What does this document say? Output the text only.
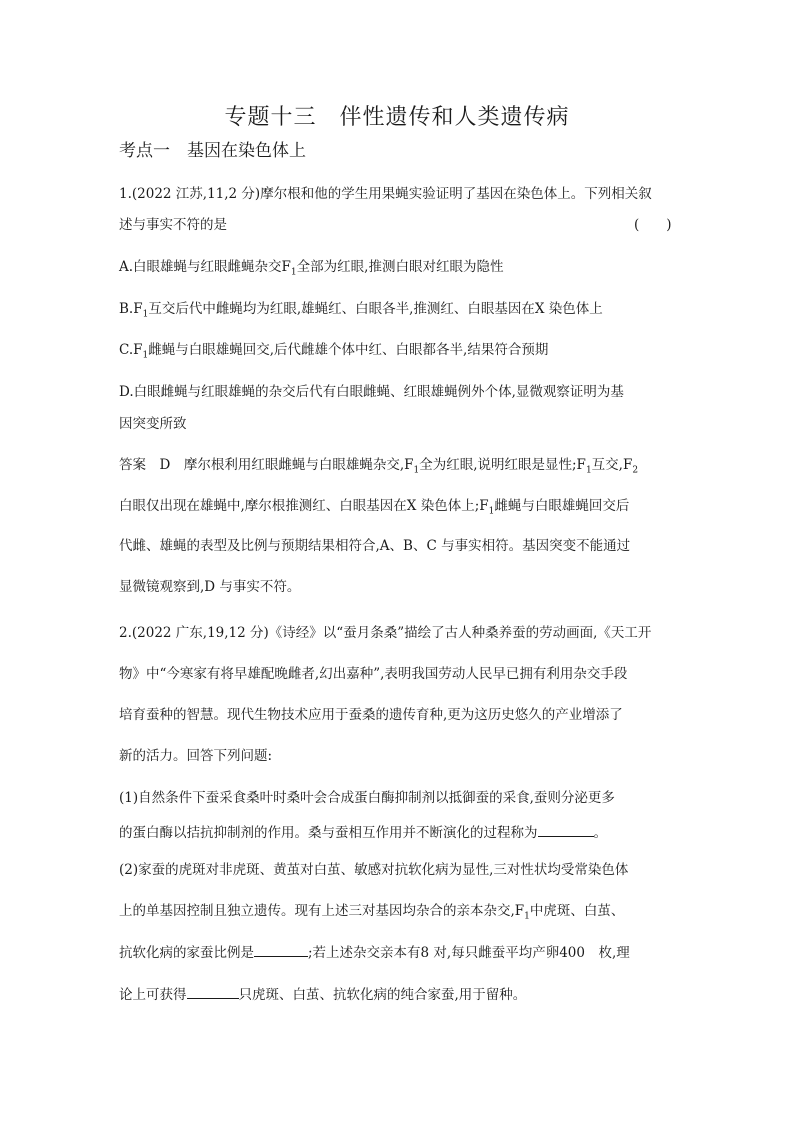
专题十三　伴性遗传和人类遗传病
考点一　基因在染色体上
1.(2022 江苏,11,2 分)摩尔根和他的学生用果蝇实验证明了基因在染色体上。下列相关叙
述与事实不符的是	(　　)
A.白眼雄蝇与红眼雌蝇杂交$F_1$全部为红眼,推测白眼对红眼为隐性
$B.F_1$互交后代中雌蝇均为红眼,雄蝇红、白眼各半,推测红、白眼基因在X 染色体上
$C.F_1$雌蝇与白眼雄蝇回交,后代雌雄个体中红、白眼都各半,结果符合预期
D.白眼雌蝇与红眼雄蝇的杂交后代有白眼雌蝇、红眼雄蝇例外个体,显微观察证明为基
因突变所致
答案　D　摩尔根利用红眼雌蝇与白眼雄蝇杂交$,F_1$全为红眼,说明红眼是显性$;F_1$互交$,F_2$
白眼仅出现在雄蝇中,摩尔根推测红、白眼基因在X 染色体上$;F_1$雌蝇与白眼雄蝇回交后
代雌、雄蝇的表型及比例与预期结果相符合,A、B、C 与事实相符。基因突变不能通过
显微镜观察到,D 与事实不符。
2.(2022 广东,19,12 分)《诗经》以“蚕月条桑”描绘了古人种桑养蚕的劳动画面,《天工开
物》中“今寒家有将早雄配晚雌者,幻出嘉种”,表明我国劳动人民早已拥有利用杂交手段
培育蚕种的智慧。现代生物技术应用于蚕桑的遗传育种,更为这历史悠久的产业增添了
新的活力。回答下列问题:
(1)自然条件下蚕采食桑叶时桑叶会合成蛋白酶抑制剂以抵御蚕的采食,蚕则分泌更多
的蛋白酶以拮抗抑制剂的作用。桑与蚕相互作用并不断演化的过程称为	。
(2)家蚕的虎斑对非虎斑、黄茧对白茧、敏感对抗软化病为显性,三对性状均受常染色体
上的单基因控制且独立遗传。现有上述三对基因均杂合的亲本杂交$,F_1$中虎斑、白茧、
抗软化病的家蚕比例是	;若上述杂交亲本有8 对,每只雌蚕平均产卵400　枚,理
论上可获得	只虎斑、白茧、抗软化病的纯合家蚕,用于留种。
